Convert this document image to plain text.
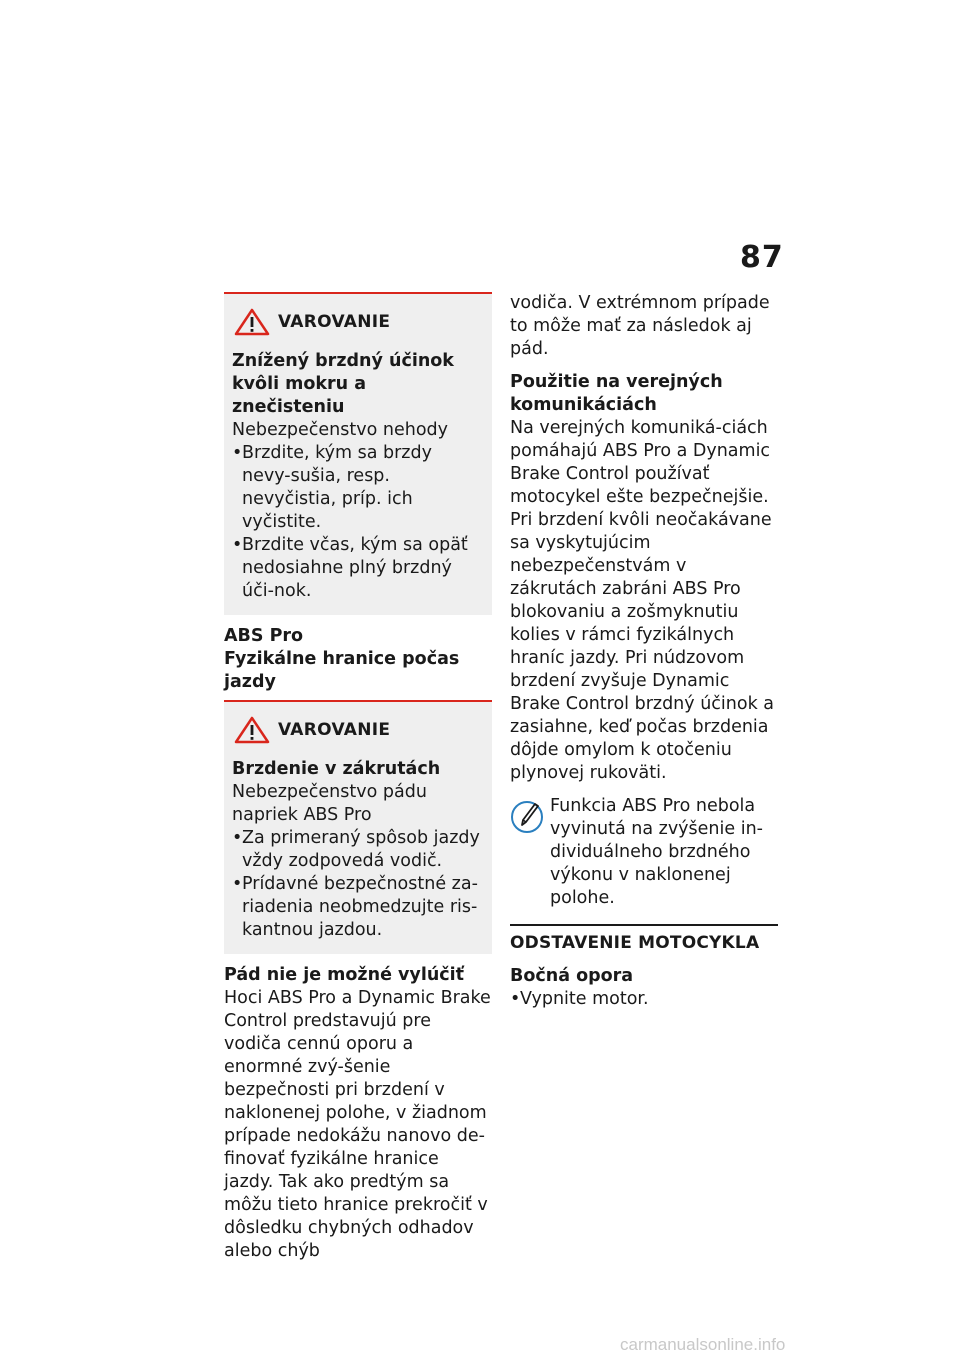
87
VAROVANIE
Znížený brzdný účinok kvôli mokru a znečisteniu
Nebezpečenstvo nehody
• Brzdite, kým sa brzdy nevy-sušia, resp. nevyčistia, príp. ich vyčistite.
• Brzdite včas, kým sa opäť nedosiahne plný brzdný úči-nok.
ABS Pro
Fyzikálne hranice počas jazdy
VAROVANIE
Brzdenie v zákrutách
Nebezpečenstvo pádu napriek ABS Pro
• Za primeraný spôsob jazdy vždy zodpovedá vodič.
• Prídavné bezpečnostné za-riadenia neobmedzujte ris-kantnou jazdou.
Pád nie je možné vylúčiť
Hoci ABS Pro a Dynamic Brake Control predstavujú pre vodiča cennú oporu a enormné zvý-šenie bezpečnosti pri brzdení v naklonenej polohe, v žiadnom prípade nedokážu nanovo de-finovať fyzikálne hranice jazdy. Tak ako predtým sa môžu tieto hranice prekročiť v dôsledku chybných odhadov alebo chýb
vodiča. V extrémnom prípade to môže mať za následok aj pád.
Použitie na verejných komunikáciách
Na verejných komuniká-ciách pomáhajú ABS Pro a Dynamic Brake Control používať motocykel ešte bezpečnejšie. Pri brzdení kvôli neočakávane sa vyskytujúcim nebezpečenstvám v zákrutách zabráni ABS Pro blokovaniu a zošmyknutiu kolies v rámci fyzikálnych hraníc jazdy. Pri núdzovom brzdení zvyšuje Dynamic Brake Control brzdný účinok a zasiahne, keď počas brzdenia dôjde omylom k otočeniu plynovej rukoväti.
Funkcia ABS Pro nebola vyvinutá na zvýšenie in-dividuálneho brzdného výkonu v naklonenej polohe.
ODSTAVENIE MOTOCYKLA
Bočná opora
• Vypnite motor.
carmanualsonline.info
